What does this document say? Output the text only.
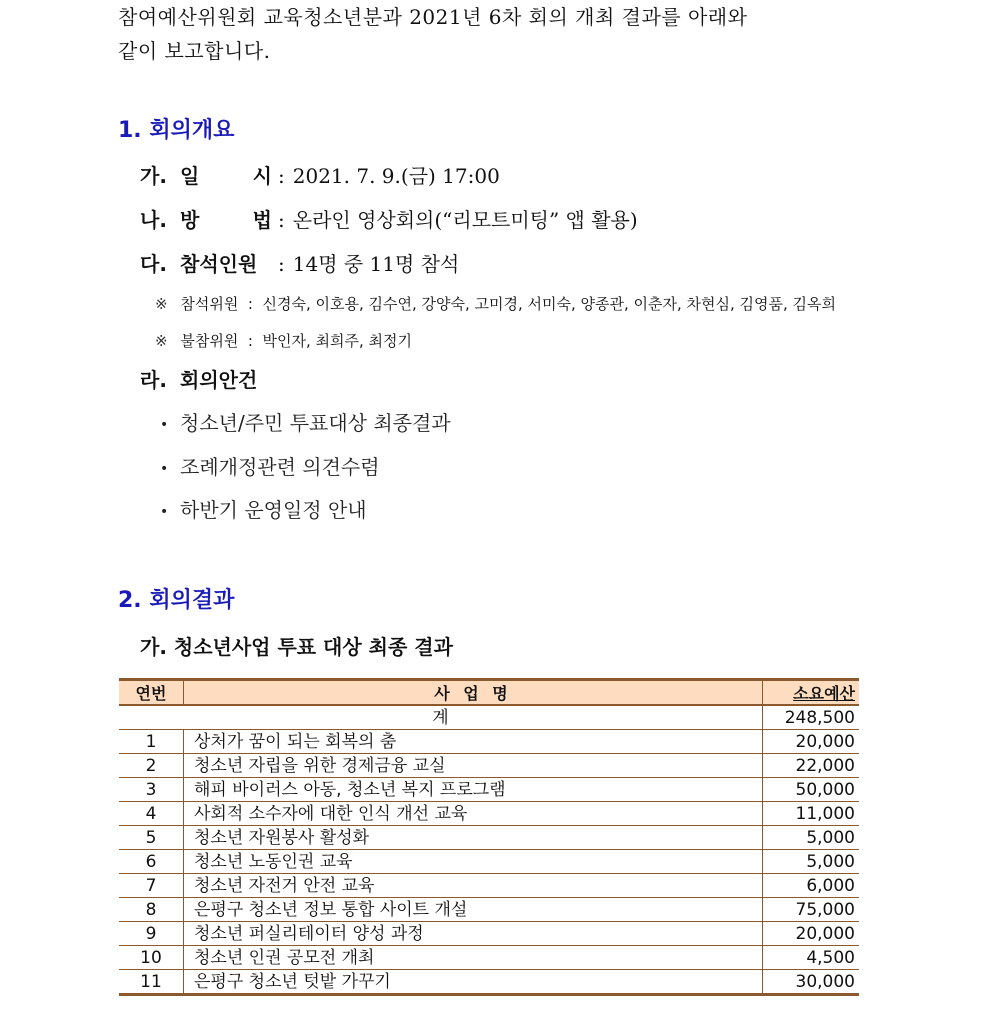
참여예산위원회 교육청소년분과 2021년 6차 회의 개최 결과를 아래와

같이 보고합니다.

1. 회의개요
가. 일 시 : 2021. 7. 9.(금) 17:00
나. 방 법 : 온라인 영상회의(“리모트미팅” 앱 활용)
다. 참석인원	: 14명 중 11명 참석
※ 참석위원  :  신경숙, 이호용, 김수연, 강양숙, 고미경, 서미숙, 양종관, 이춘자, 차현심, 김영품, 김옥희
※ 불참위원  :  박인자, 최희주, 최정기
라. 회의안건
• 청소년/주민 투표대상 최종결과
• 조례개정관련 의견수렴
• 하반기 운영일정 안내
2. 회의결과
가. 청소년사업 투표 대상 최종 결과
연번	사 업 명	소요예산
계		248,500
1	상처가 꿈이 되는 회복의 춤	20,000
2	청소년 자립을 위한 경제금융 교실	22,000
3	해피 바이러스 아동, 청소년 복지 프로그램	50,000
4	사회적 소수자에 대한 인식 개선 교육	11,000
5	청소년 자원봉사 활성화	5,000
6	청소년 노동인권 교육	5,000
7	청소년 자전거 안전 교육	6,000
8	은평구 청소년 정보 통합 사이트 개설	75,000
9	청소년 퍼실리테이터 양성 과정	20,000
10	청소년 인권 공모전 개최	4,500
11	은평구 청소년 텃밭 가꾸기	30,000
